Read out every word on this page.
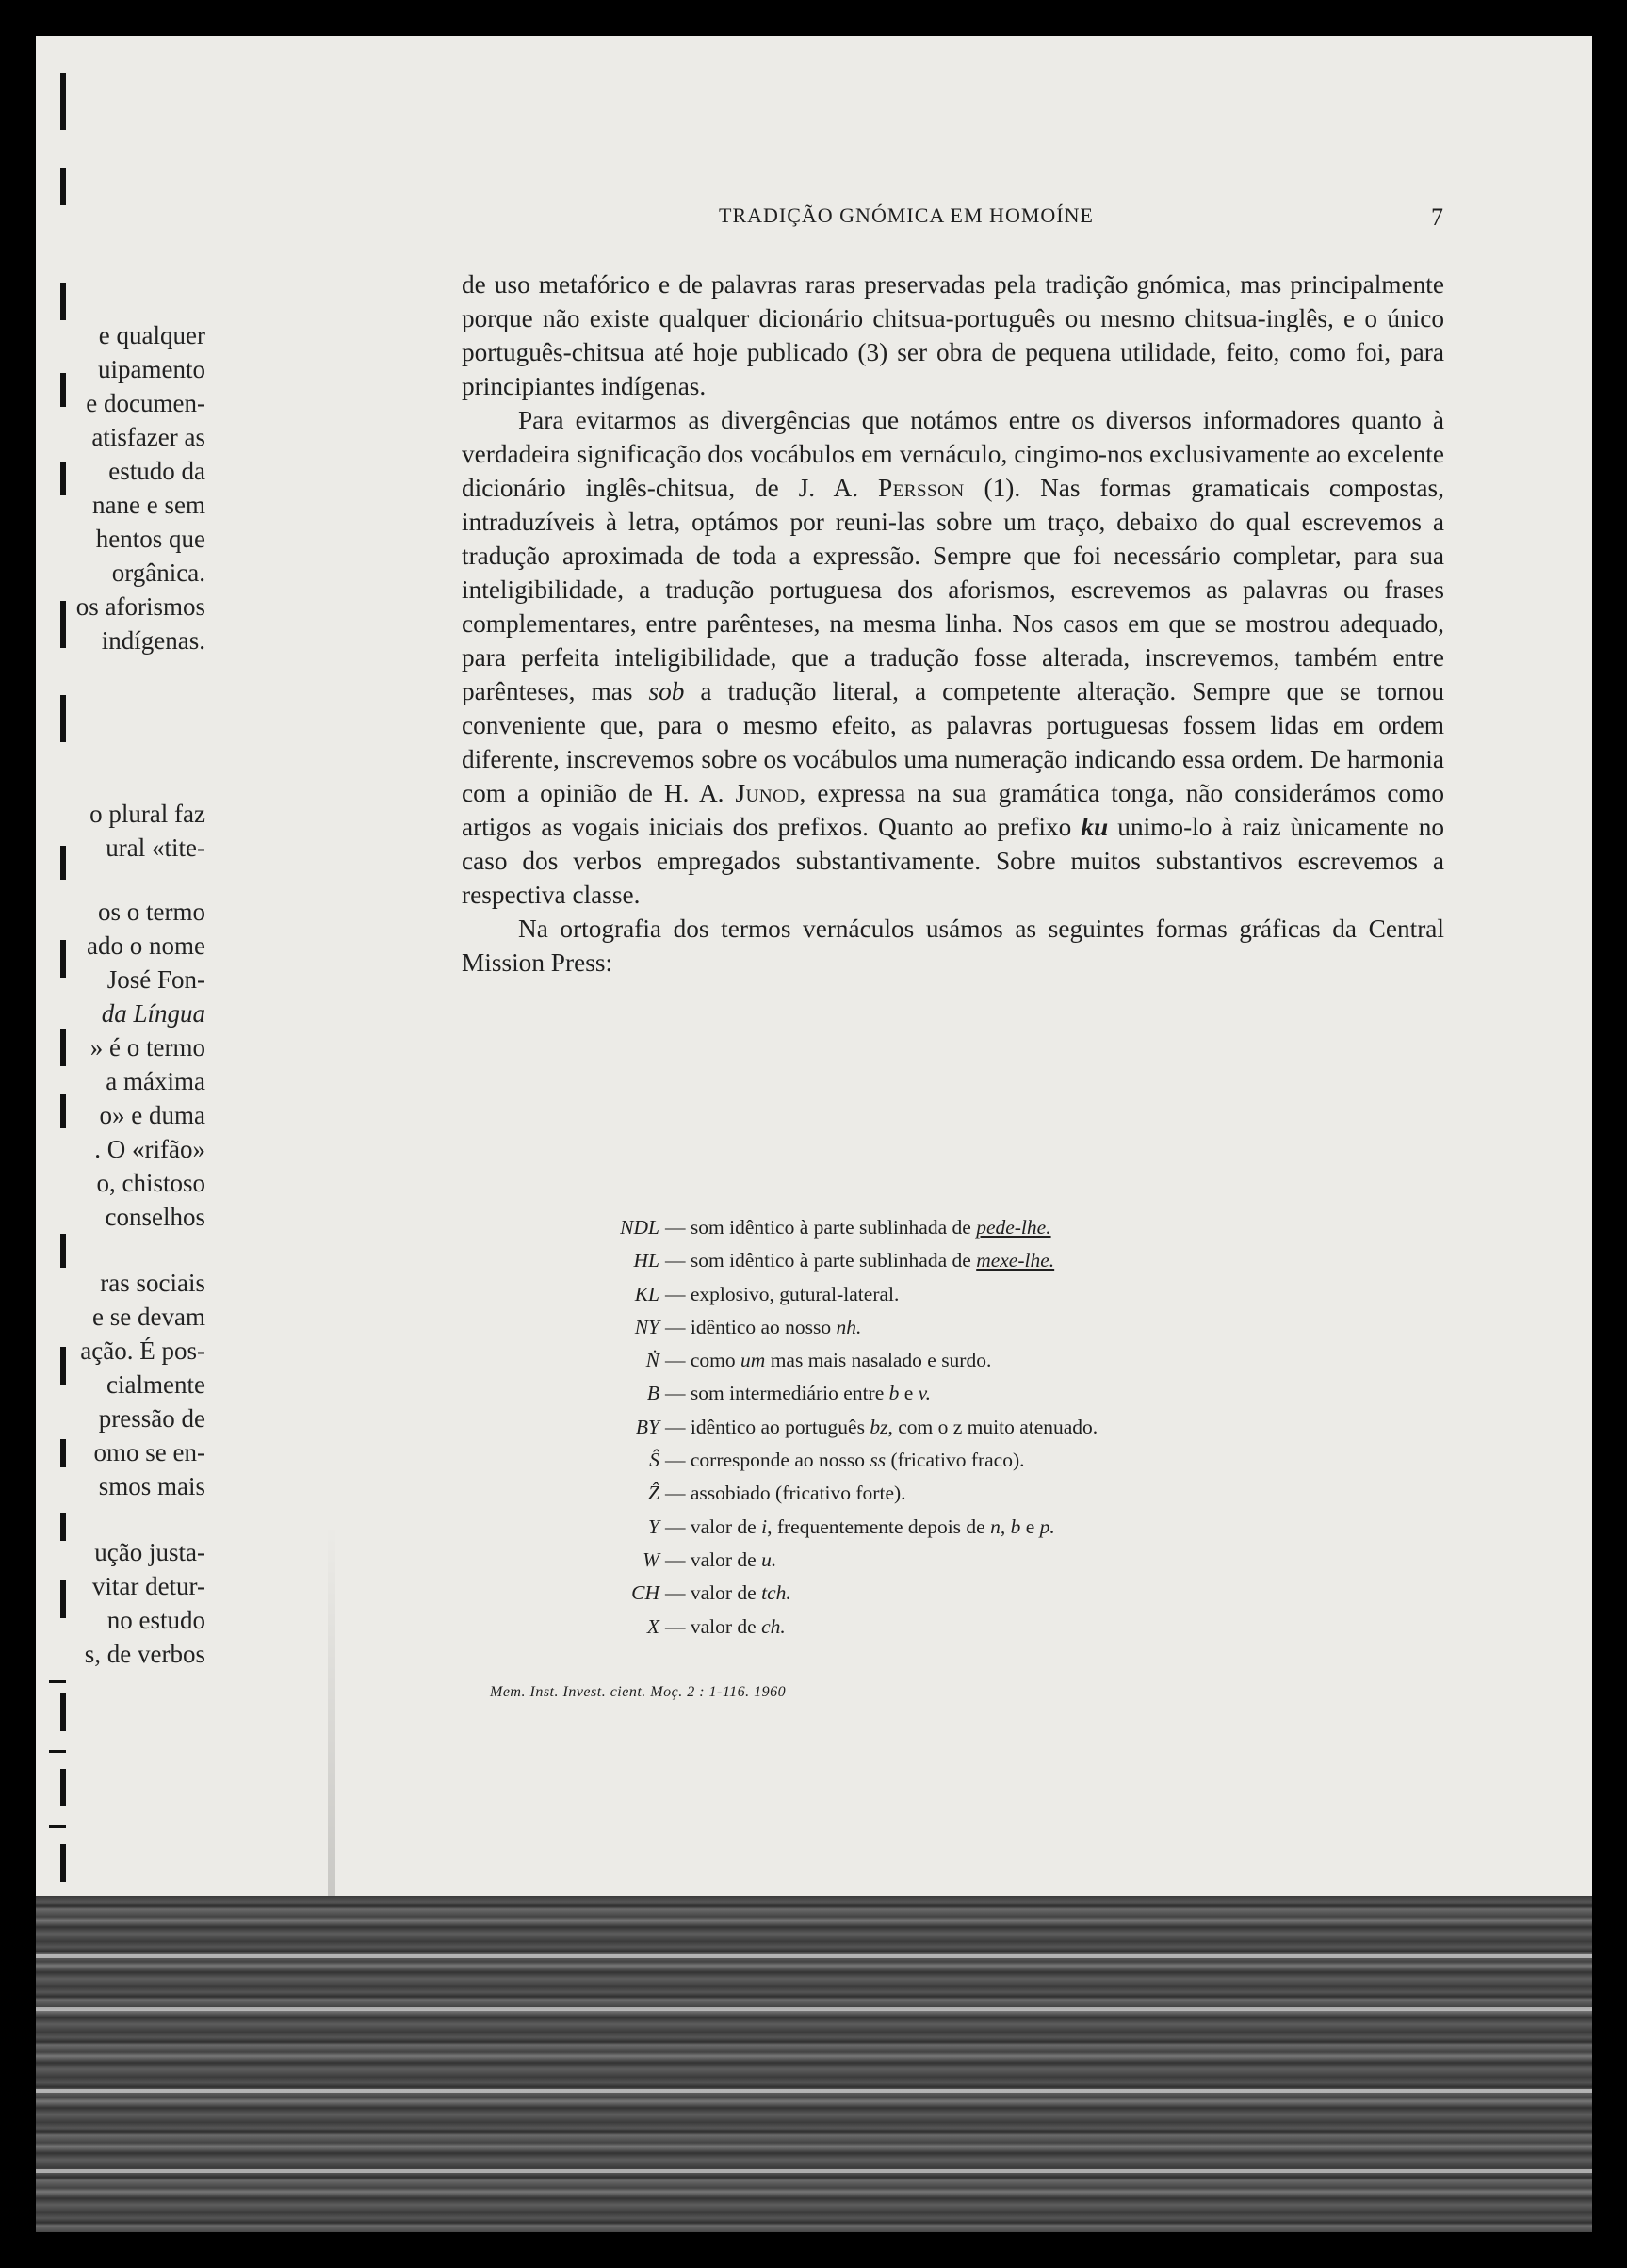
e qualquer
uipamento
e documen-
atisfazer as
estudo da
nane e sem
hentos que
orgânica.
os aforismos
indígenas.
o plural faz
ural «tite-
os o termo
ado o nome
José Fon-
da Língua
» é o termo
a máxima
o» e duma
. O «rifão»
o, chistoso
conselhos
ras sociais
e se devam
ação. É pos-
cialmente
pressão de
omo se en-
smos mais
ução justa-
vitar detur-
no estudo
s, de verbos
TRADIÇÃO GNÓMICA EM HOMOÍNE	7

de uso metafórico e de palavras raras preservadas pela tradição gnómica, mas principalmente porque não existe qualquer dicionário chitsua-português ou mesmo chitsua-inglês, e o único português-chitsua até hoje publicado (3) ser obra de pequena utilidade, feito, como foi, para principiantes indígenas.

Para evitarmos as divergências que notámos entre os diversos informadores quanto à verdadeira significação dos vocábulos em vernáculo, cingimo-nos exclusivamente ao excelente dicionário inglês-chitsua, de J. A. Persson (1). Nas formas gramaticais compostas, intraduzíveis à letra, optámos por reuni-las sobre um traço, debaixo do qual escrevemos a tradução aproximada de toda a expressão. Sempre que foi necessário completar, para sua inteligibilidade, a tradução portuguesa dos aforismos, escrevemos as palavras ou frases complementares, entre parênteses, na mesma linha. Nos casos em que se mostrou adequado, para perfeita inteligibilidade, que a tradução fosse alterada, inscrevemos, também entre parênteses, mas sob a tradução literal, a competente alteração. Sempre que se tornou conveniente que, para o mesmo efeito, as palavras portuguesas fossem lidas em ordem diferente, inscrevemos sobre os vocábulos uma numeração indicando essa ordem. De harmonia com a opinião de H. A. Junod, expressa na sua gramática tonga, não considerámos como artigos as vogais iniciais dos prefixos. Quanto ao prefixo ku unimo-lo à raiz ùnicamente no caso dos verbos empregados substantivamente. Sobre muitos substantivos escrevemos a respectiva classe.

Na ortografia dos termos vernáculos usámos as seguintes formas gráficas da Central Mission Press:

NDL — som idêntico à parte sublinhada de pede-lhe.
HL — som idêntico à parte sublinhada de mexe-lhe.
KL — explosivo, gutural-lateral.
NY — idêntico ao nosso nh.
Ṅ — como um mas mais nasalado e surdo.
B — som intermediário entre b e v.
BY — idêntico ao português bz, com o z muito atenuado.
Ŝ — corresponde ao nosso ss (fricativo fraco).
Ẑ — assobiado (fricativo forte).
Y — valor de i, frequentemente depois de n, b e p.
W — valor de u.
CH — valor de tch.
X — valor de ch.
Mem. Inst. Invest. cient. Moç. 2 : 1-116. 1960
